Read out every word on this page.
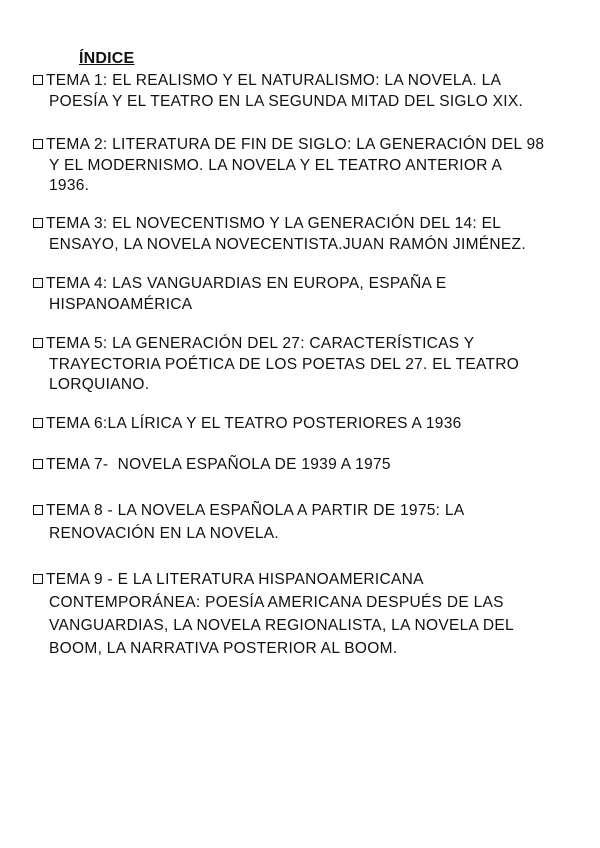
ÍNDICE
TEMA 1: EL REALISMO Y EL NATURALISMO: LA NOVELA. LA
POESÍA Y EL TEATRO EN LA SEGUNDA MITAD DEL SIGLO XIX.
TEMA 2: LITERATURA DE FIN DE SIGLO: LA GENERACIÓN DEL 98
Y EL MODERNISMO. LA NOVELA Y EL TEATRO ANTERIOR A
1936.
TEMA 3: EL NOVECENTISMO Y LA GENERACIÓN DEL 14: EL
ENSAYO, LA NOVELA NOVECENTISTA.JUAN RAMÓN JIMÉNEZ.
TEMA 4: LAS VANGUARDIAS EN EUROPA, ESPAÑA E
HISPANOAMÉRICA
TEMA 5: LA GENERACIÓN DEL 27: CARACTERÍSTICAS Y
TRAYECTORIA POÉTICA DE LOS POETAS DEL 27. EL TEATRO
LORQUIANO.
TEMA 6:LA LÍRICA Y EL TEATRO POSTERIORES A 1936
TEMA 7-  NOVELA ESPAÑOLA DE 1939 A 1975
TEMA 8 - LA NOVELA ESPAÑOLA A PARTIR DE 1975: LA
RENOVACIÓN EN LA NOVELA.
TEMA 9 - E LA LITERATURA HISPANOAMERICANA
CONTEMPORÁNEA: POESÍA AMERICANA DESPUÉS DE LAS
VANGUARDIAS, LA NOVELA REGIONALISTA, LA NOVELA DEL
BOOM, LA NARRATIVA POSTERIOR AL BOOM.
